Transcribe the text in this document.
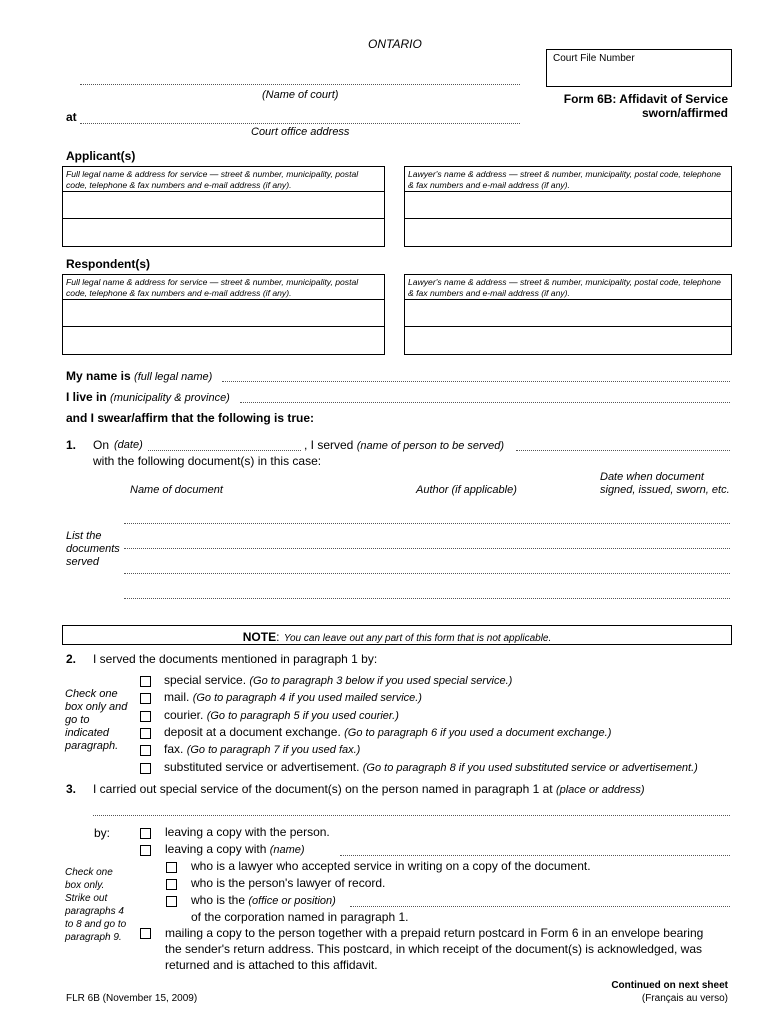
ONTARIO
Court File Number
(Name of court)
at
Court office address
Form 6B: Affidavit of Service
sworn/affirmed
Applicant(s)
Full legal name & address for service — street & number, municipality, postal code, telephone & fax numbers and e-mail address (if any).
Lawyer's name & address — street & number, municipality, postal code, telephone & fax numbers and e-mail address (if any).
Respondent(s)
Full legal name & address for service — street & number, municipality, postal code, telephone & fax numbers and e-mail address (if any).
Lawyer's name & address — street & number, municipality, postal code, telephone & fax numbers and e-mail address (if any).
My name is (full legal name)
I live in (municipality & province)
and I swear/affirm that the following is true:
1. On (date)	, I served (name of person to be served)
with the following document(s) in this case:
Name of document	Author (if applicable)
Date when document
signed, issued, sworn, etc.
List the
documents
served
NOTE: You can leave out any part of this form that is not applicable.
2. I served the documents mentioned in paragraph 1 by:
Check one
box only and
go to
indicated
paragraph.
special service. (Go to paragraph 3 below if you used special service.)
mail. (Go to paragraph 4 if you used mailed service.)
courier. (Go to paragraph 5 if you used courier.)
deposit at a document exchange. (Go to paragraph 6 if you used a document exchange.)
fax. (Go to paragraph 7 if you used fax.)
substituted service or advertisement. (Go to paragraph 8 if you used substituted service or advertisement.)
3. I carried out special service of the document(s) on the person named in paragraph 1 at (place or address)
by:
Check one
box only.
Strike out
paragraphs 4
to 8 and go to
paragraph 9.
leaving a copy with the person.
leaving a copy with (name)
who is a lawyer who accepted service in writing on a copy of the document.
who is the person's lawyer of record.
who is the (office or position)
of the corporation named in paragraph 1.
mailing a copy to the person together with a prepaid return postcard in Form 6 in an envelope bearing
the sender's return address. This postcard, in which receipt of the document(s) is acknowledged, was
returned and is attached to this affidavit.
FLR 6B (November 15, 2009)
Continued on next sheet
(Français au verso)
